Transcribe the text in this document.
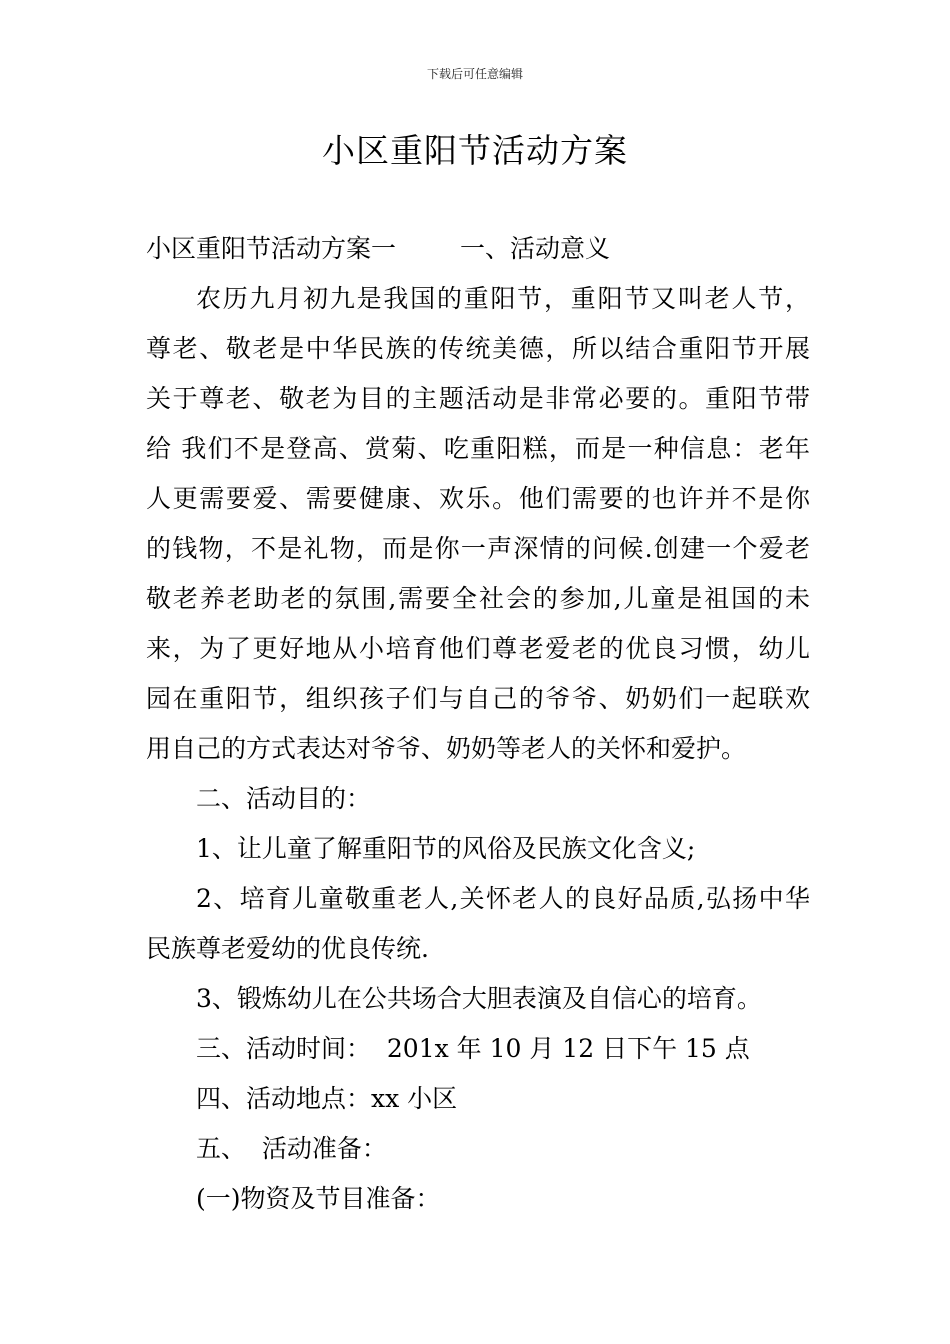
下载后可任意编辑
小区重阳节活动方案

小区重阳节活动方案一	一、活动意义

农历九月初九是我国的重阳节，重阳节又叫老人节，
尊老、敬老是中华民族的传统美德，所以结合重阳节开展
关于尊老、敬老为目的主题活动是非常必要的。重阳节带
给 我们不是登高、赏菊、吃重阳糕，而是一种信息：老年
人更需要爱、需要健康、欢乐。他们需要的也许并不是你
的钱物，不是礼物，而是你一声深情的问候.创建一个爱老
敬老养老助老的氛围,需要全社会的参加,儿童是祖国的未
来，为了更好地从小培育他们尊老爱老的优良习惯，幼儿
园在重阳节，组织孩子们与自己的爷爷、奶奶们一起联欢
用自己的方式表达对爷爷、奶奶等老人的关怀和爱护。

二、活动目的：

1、让儿童了解重阳节的风俗及民族文化含义;

2、培育儿童敬重老人,关怀老人的良好品质,弘扬中华
民族尊老爱幼的优良传统.

3、锻炼幼儿在公共场合大胆表演及自信心的培育。

三、活动时间：  201x 年 10 月 12 日下午 15 点

四、活动地点：xx 小区

五、  活动准备：

(一)物资及节目准备：
